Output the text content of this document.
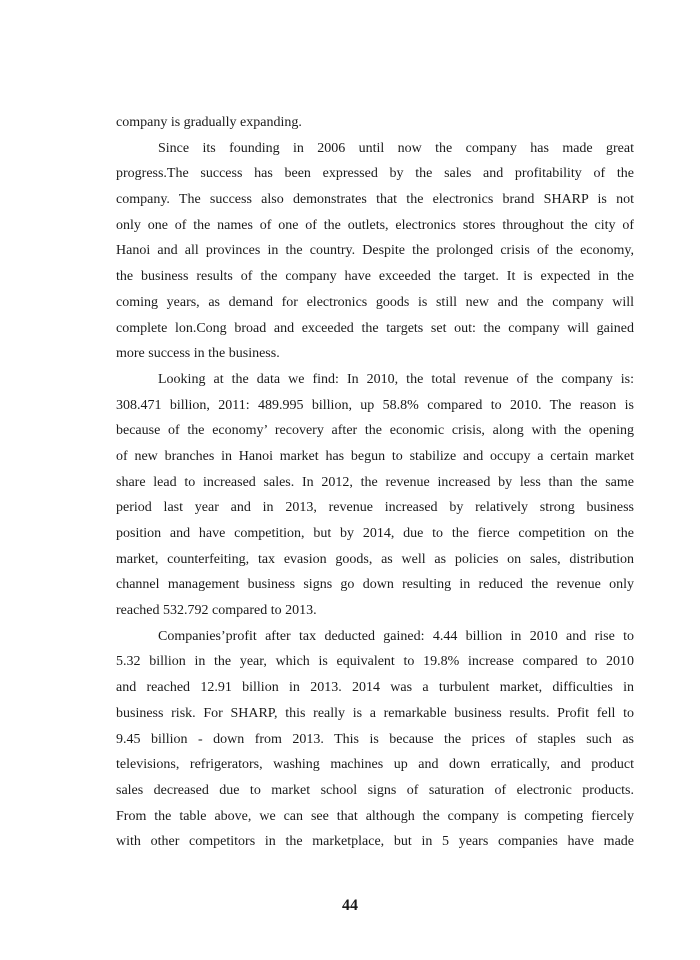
company is gradually expanding.
Since its founding in 2006 until now the company has made great
progress.The success has been expressed by the sales and profitability of the
company. The success also demonstrates that the electronics brand SHARP is not
only one of the names of one of the outlets, electronics stores throughout the city of
Hanoi and all provinces in the country. Despite the prolonged crisis of the economy,
the business results of the company have exceeded the target. It is expected in the
coming years, as demand for electronics goods is still new and the company will
complete lon.Cong broad and exceeded the targets set out: the company will gained
more success in the business.
Looking at the data we find: In 2010, the total revenue of the company is:
308.471 billion, 2011: 489.995 billion, up 58.8% compared to 2010. The reason is
because of the economy’ recovery after the economic crisis, along with the opening
of new branches in Hanoi market has begun to stabilize and occupy a certain market
share lead to increased sales. In 2012, the revenue increased by less than the same
period last year and in 2013, revenue increased by relatively strong business
position and have competition, but by 2014, due to the fierce competition on the
market, counterfeiting, tax evasion goods, as well as policies on sales, distribution
channel management business signs go down resulting in reduced the revenue only
reached 532.792 compared to 2013.
Companies’profit after tax deducted gained: 4.44 billion in 2010 and rise to
5.32 billion in the year, which is equivalent to 19.8% increase compared to 2010
and reached 12.91 billion in 2013. 2014 was a turbulent market, difficulties in
business risk. For SHARP, this really is a remarkable business results. Profit fell to
9.45 billion - down from 2013. This is because the prices of staples such as
televisions, refrigerators, washing machines up and down erratically, and product
sales decreased due to market school signs of saturation of electronic products.
From the table above, we can see that although the company is competing fiercely
with other competitors in the marketplace, but in 5 years companies have made
44
